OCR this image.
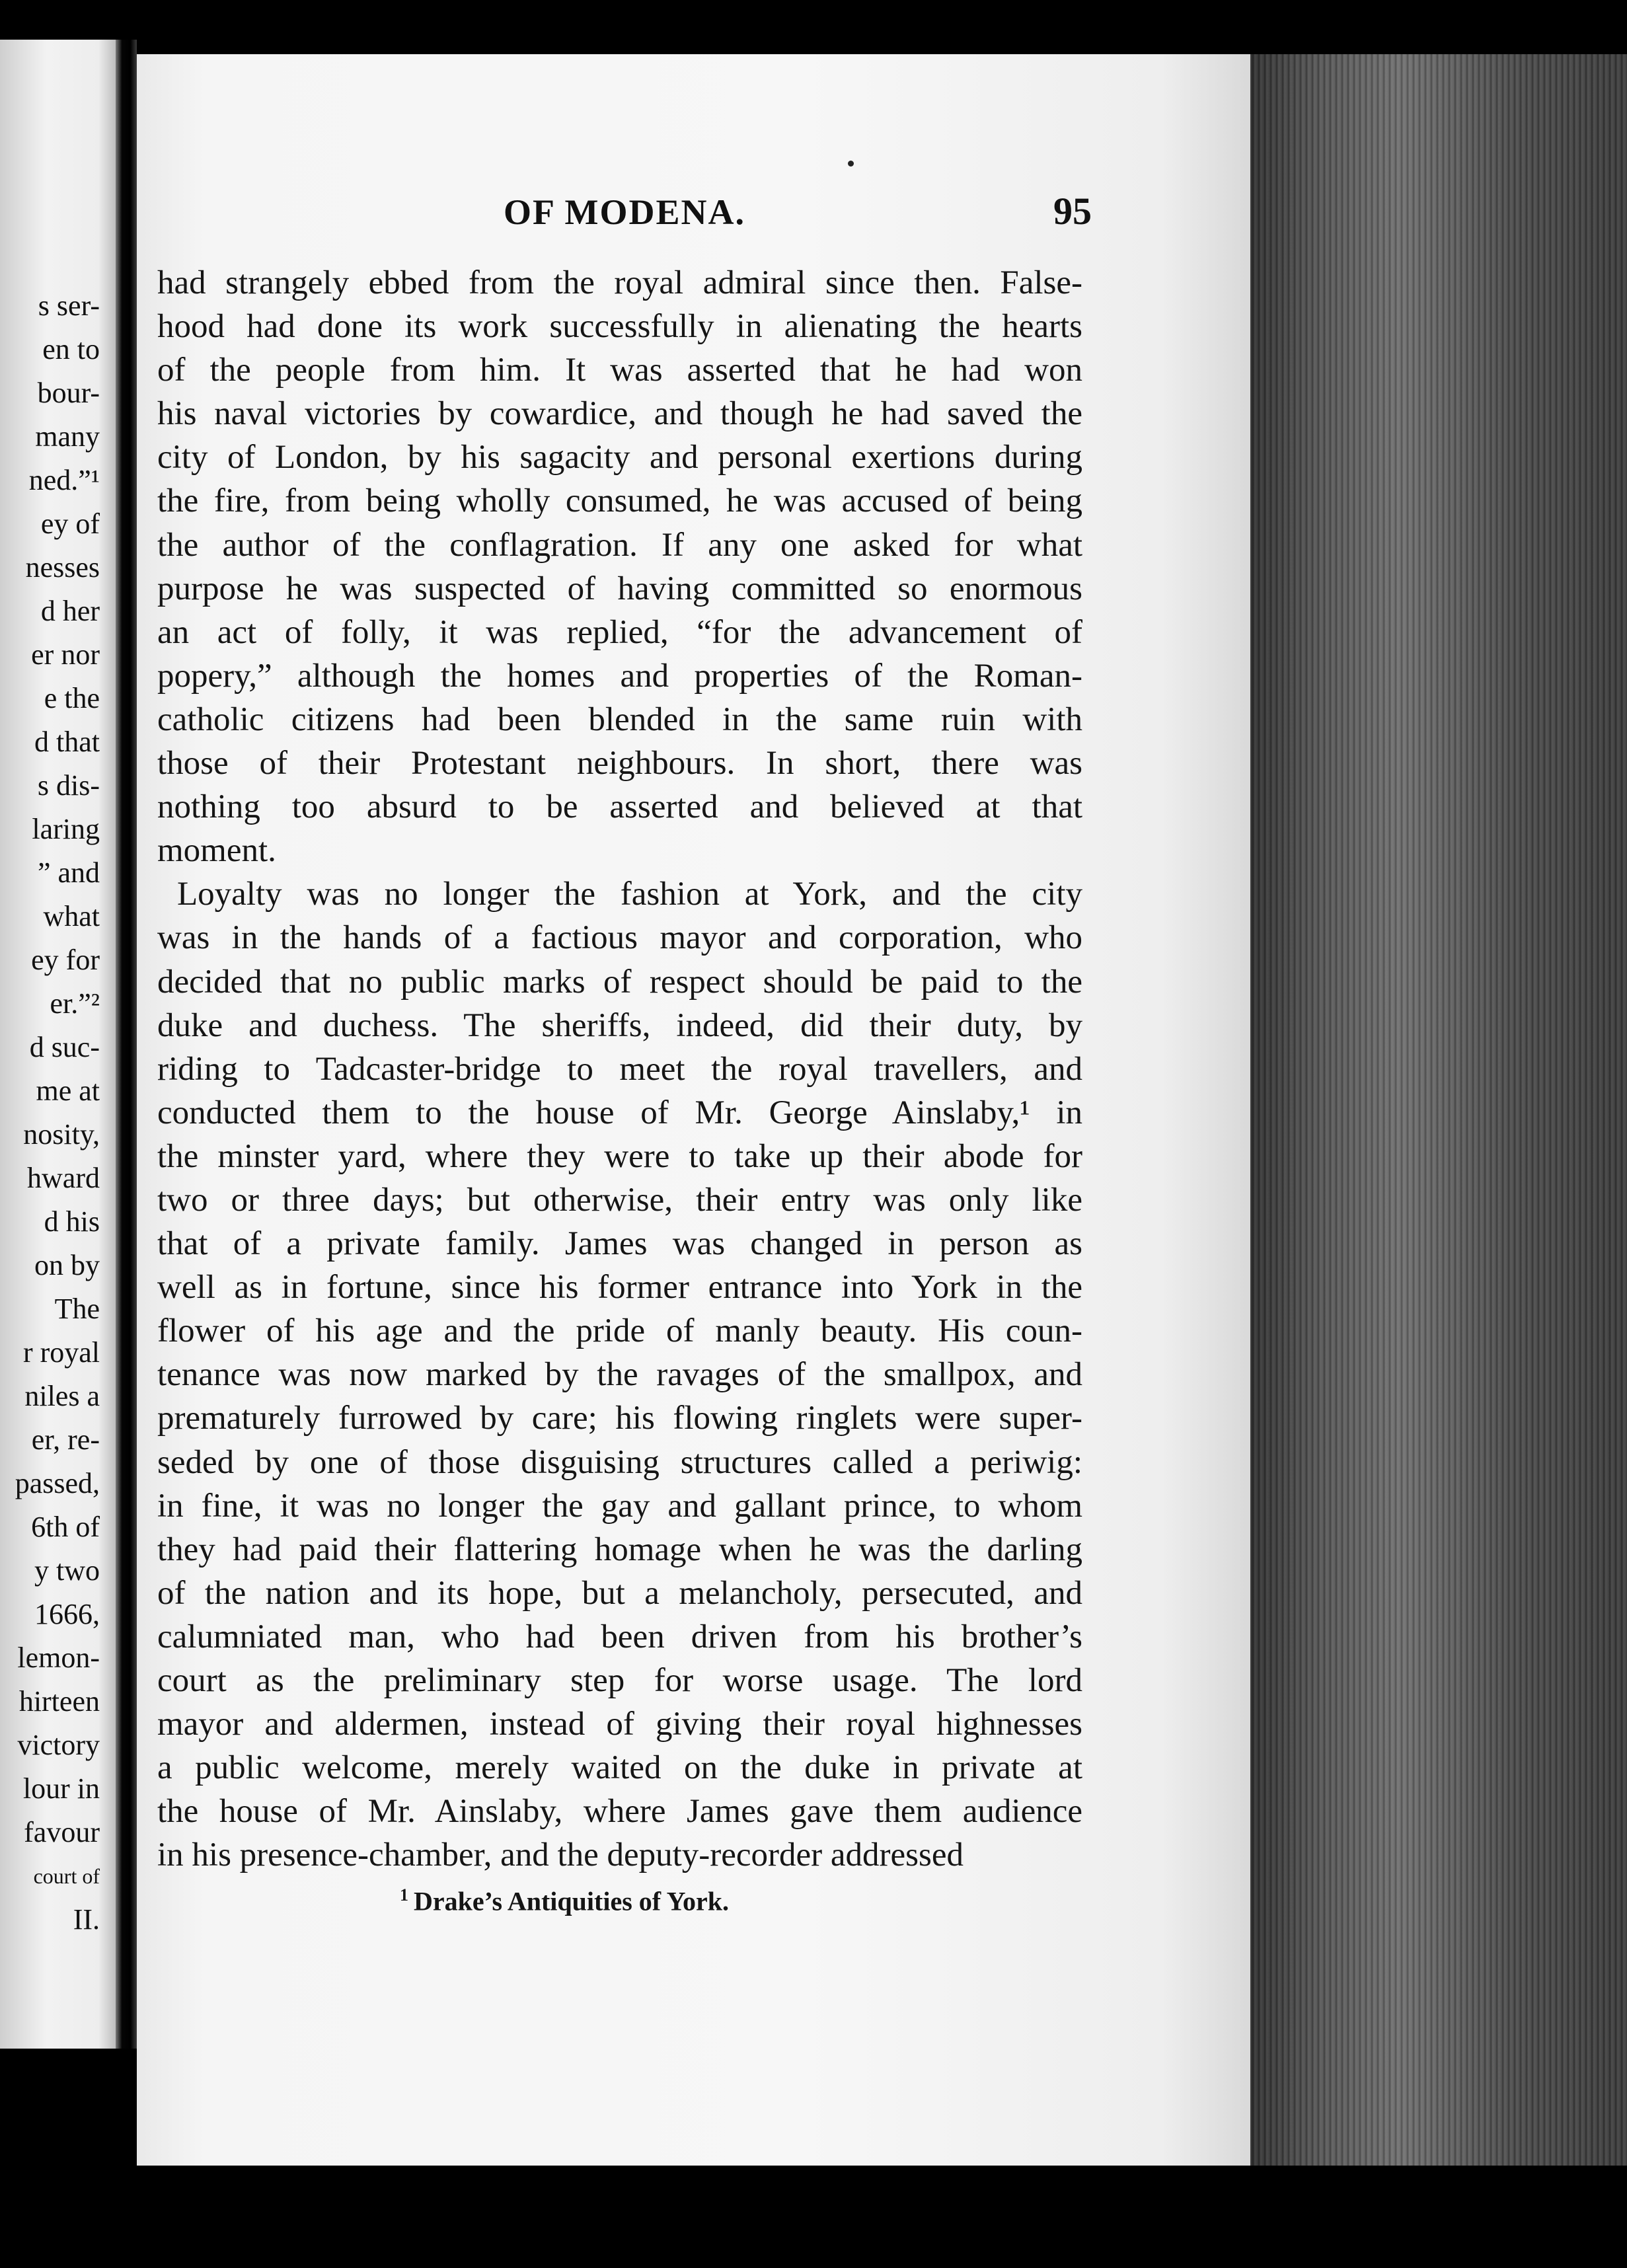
s ser-
en to
bour-
many
ned.”¹
ey of
nesses
d her
er nor
e the
d that
s dis-
laring
” and
what
ey for
er.”²
d suc-
me at
nosity,
hward
d his
on by
The
r royal
niles a
er, re-
passed,
6th of
y two
1666,
lemon-
hirteen
victory
lour in
favour
court of
II.
OF MODENA.	95
had strangely ebbed from the royal admiral since then. False-
hood had done its work successfully in alienating the hearts
of the people from him. It was asserted that he had won
his naval victories by cowardice, and though he had saved the
city of London, by his sagacity and personal exertions during
the fire, from being wholly consumed, he was accused of being
the author of the conflagration. If any one asked for what
purpose he was suspected of having committed so enormous
an act of folly, it was replied, “for the advancement of
popery,” although the homes and properties of the Roman-
catholic citizens had been blended in the same ruin with
those of their Protestant neighbours. In short, there was
nothing too absurd to be asserted and believed at that
moment.
Loyalty was no longer the fashion at York, and the city
was in the hands of a factious mayor and corporation, who
decided that no public marks of respect should be paid to the
duke and duchess. The sheriffs, indeed, did their duty, by
riding to Tadcaster-bridge to meet the royal travellers, and
conducted them to the house of Mr. George Ainslaby,¹ in
the minster yard, where they were to take up their abode for
two or three days; but otherwise, their entry was only like
that of a private family. James was changed in person as
well as in fortune, since his former entrance into York in the
flower of his age and the pride of manly beauty. His coun-
tenance was now marked by the ravages of the smallpox, and
prematurely furrowed by care; his flowing ringlets were super-
seded by one of those disguising structures called a periwig:
in fine, it was no longer the gay and gallant prince, to whom
they had paid their flattering homage when he was the darling
of the nation and its hope, but a melancholy, persecuted, and
calumniated man, who had been driven from his brother’s
court as the preliminary step for worse usage. The lord
mayor and aldermen, instead of giving their royal highnesses
a public welcome, merely waited on the duke in private at
the house of Mr. Ainslaby, where James gave them audience
in his presence-chamber, and the deputy-recorder addressed
$^1$ Drake’s Antiquities of York.
